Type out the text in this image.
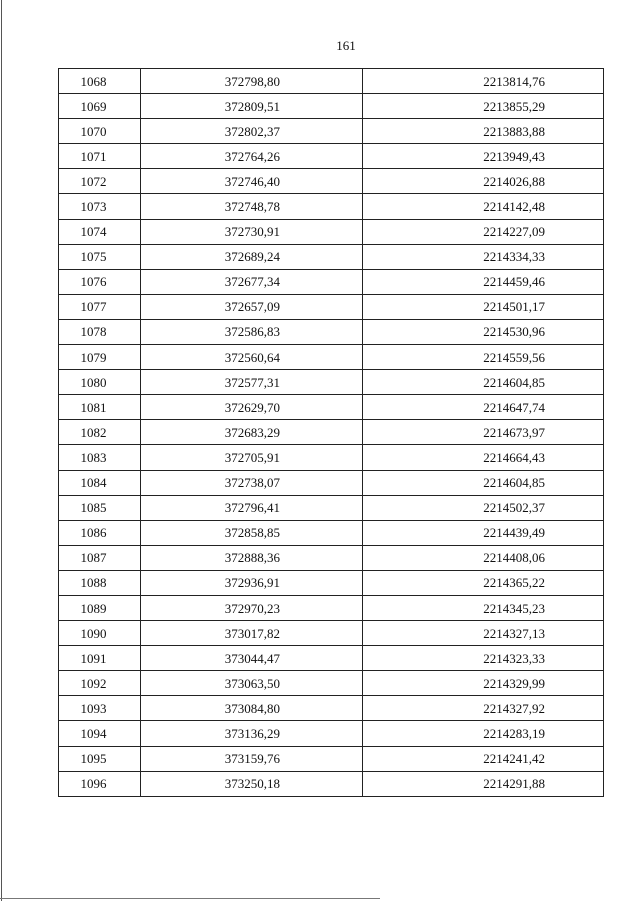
161
1068	372798,80	2213814,76
1069	372809,51	2213855,29
1070	372802,37	2213883,88
1071	372764,26	2213949,43
1072	372746,40	2214026,88
1073	372748,78	2214142,48
1074	372730,91	2214227,09
1075	372689,24	2214334,33
1076	372677,34	2214459,46
1077	372657,09	2214501,17
1078	372586,83	2214530,96
1079	372560,64	2214559,56
1080	372577,31	2214604,85
1081	372629,70	2214647,74
1082	372683,29	2214673,97
1083	372705,91	2214664,43
1084	372738,07	2214604,85
1085	372796,41	2214502,37
1086	372858,85	2214439,49
1087	372888,36	2214408,06
1088	372936,91	2214365,22
1089	372970,23	2214345,23
1090	373017,82	2214327,13
1091	373044,47	2214323,33
1092	373063,50	2214329,99
1093	373084,80	2214327,92
1094	373136,29	2214283,19
1095	373159,76	2214241,42
1096	373250,18	2214291,88
